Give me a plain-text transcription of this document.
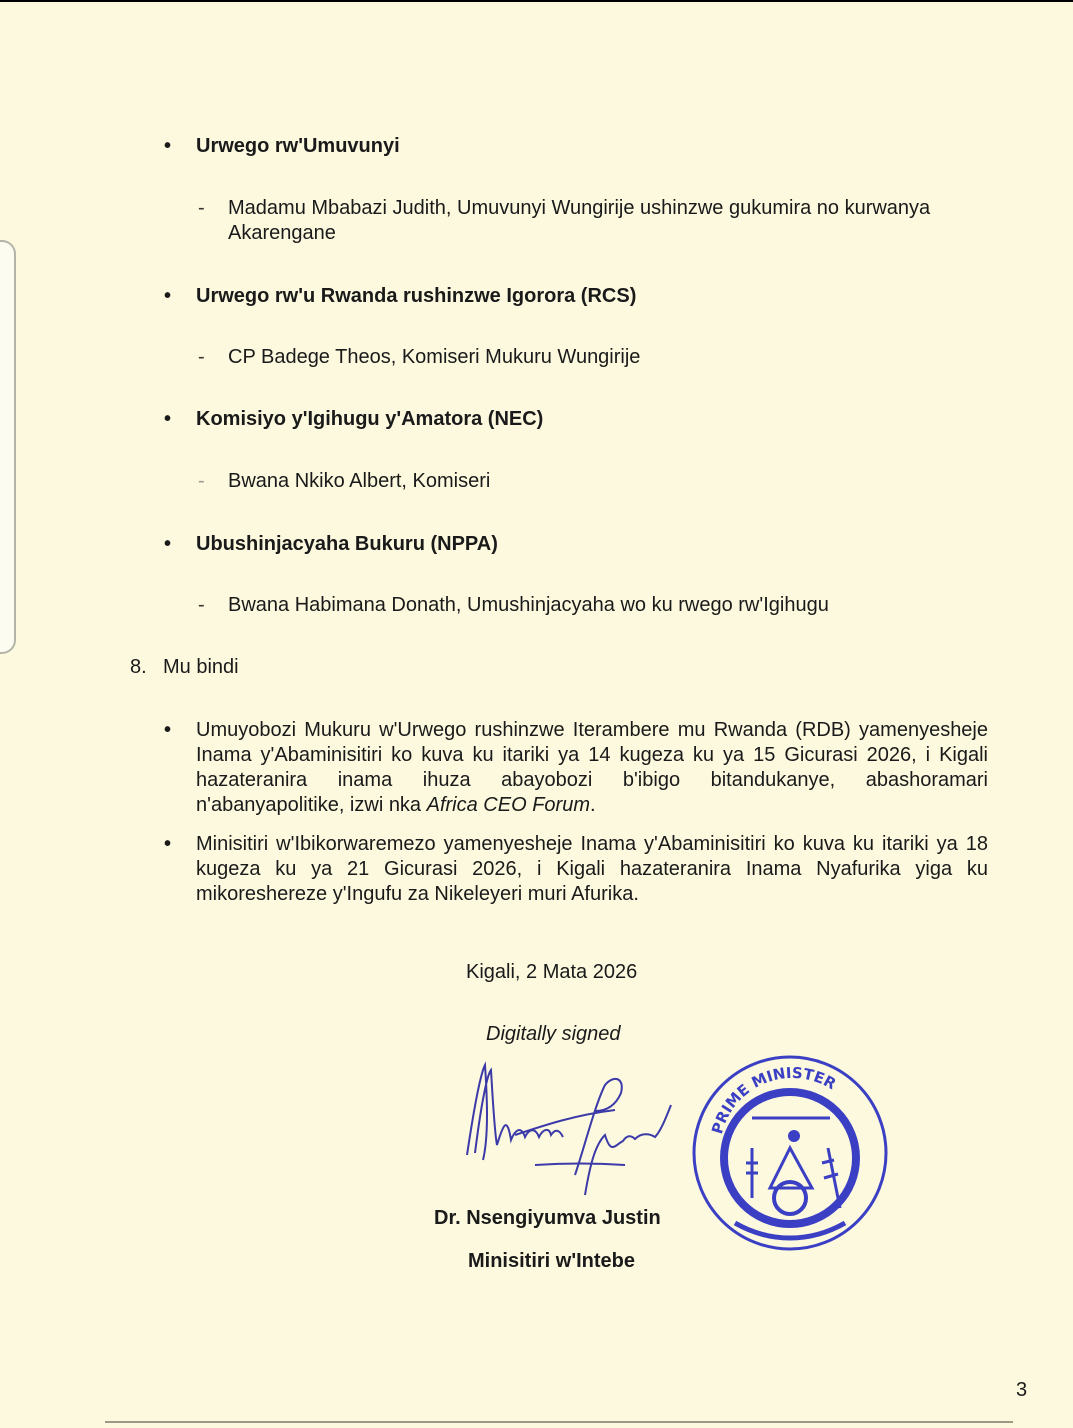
• Urwego rw'Umuvunyi
- Madamu Mbabazi Judith, Umuvunyi Wungirije ushinzwe gukumira no kurwanya Akarengane
• Urwego rw'u Rwanda rushinzwe Igorora (RCS)
- CP Badege Theos, Komiseri Mukuru Wungirije
• Komisiyo y'Igihugu y'Amatora (NEC)
- Bwana Nkiko Albert, Komiseri
• Ubushinjacyaha Bukuru (NPPA)
- Bwana Habimana Donath, Umushinjacyaha wo ku rwego rw'Igihugu
8. Mu bindi
• Umuyobozi Mukuru w'Urwego rushinzwe Iterambere mu Rwanda (RDB) yamenyesheje Inama y'Abaminisitiri ko kuva ku itariki ya 14 kugeza ku ya 15 Gicurasi 2026, i Kigali hazateranira inama ihuza abayobozi b'ibigo bitandukanye, abashoramari n'abanyapolitike, izwi nka Africa CEO Forum.
• Minisitiri w'Ibikorwaremezo yamenyesheje Inama y'Abaminisitiri ko kuva ku itariki ya 18 kugeza ku ya 21 Gicurasi 2026, i Kigali hazateranira Inama Nyafurika yiga ku mikoreshereze y'Ingufu za Nikeleyeri muri Afurika.
Kigali, 2 Mata 2026
Digitally signed
PRIME MINISTER
Dr. Nsengiyumva Justin
Minisitiri w'Intebe
3
